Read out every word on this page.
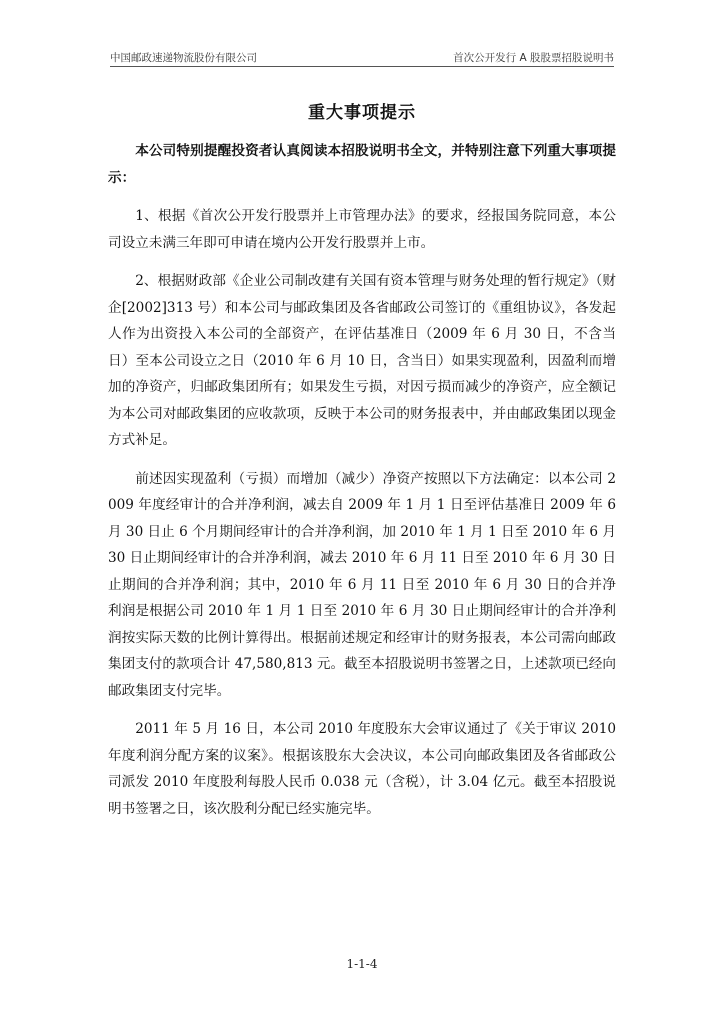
中国邮政速递物流股份有限公司	首次公开发行 A 股股票招股说明书
重大事项提示

本公司特别提醒投资者认真阅读本招股说明书全文，并特别注意下列重大事项提示：

1、根据《首次公开发行股票并上市管理办法》的要求，经报国务院同意，本公司设立未满三年即可申请在境内公开发行股票并上市。

2、根据财政部《企业公司制改建有关国有资本管理与财务处理的暂行规定》（财企[2002]313 号）和本公司与邮政集团及各省邮政公司签订的《重组协议》，各发起人作为出资投入本公司的全部资产，在评估基准日（2009 年 6 月 30 日，不含当日）至本公司设立之日（2010 年 6 月 10 日，含当日）如果实现盈利，因盈利而增加的净资产，归邮政集团所有；如果发生亏损，对因亏损而减少的净资产，应全额记为本公司对邮政集团的应收款项，反映于本公司的财务报表中，并由邮政集团以现金方式补足。

前述因实现盈利（亏损）而增加（减少）净资产按照以下方法确定：以本公司 2009 年度经审计的合并净利润，减去自 2009 年 1 月 1 日至评估基准日 2009 年 6 月 30 日止 6 个月期间经审计的合并净利润，加 2010 年 1 月 1 日至 2010 年 6 月 30 日止期间经审计的合并净利润，减去 2010 年 6 月 11 日至 2010 年 6 月 30 日止期间的合并净利润；其中，2010 年 6 月 11 日至 2010 年 6 月 30 日的合并净利润是根据公司 2010 年 1 月 1 日至 2010 年 6 月 30 日止期间经审计的合并净利润按实际天数的比例计算得出。根据前述规定和经审计的财务报表，本公司需向邮政集团支付的款项合计 47,580,813 元。截至本招股说明书签署之日，上述款项已经向邮政集团支付完毕。

2011 年 5 月 16 日，本公司 2010 年度股东大会审议通过了《关于审议 2010 年度利润分配方案的议案》。根据该股东大会决议，本公司向邮政集团及各省邮政公司派发 2010 年度股利每股人民币 0.038 元（含税），计 3.04 亿元。截至本招股说明书签署之日，该次股利分配已经实施完毕。

1-1-4
